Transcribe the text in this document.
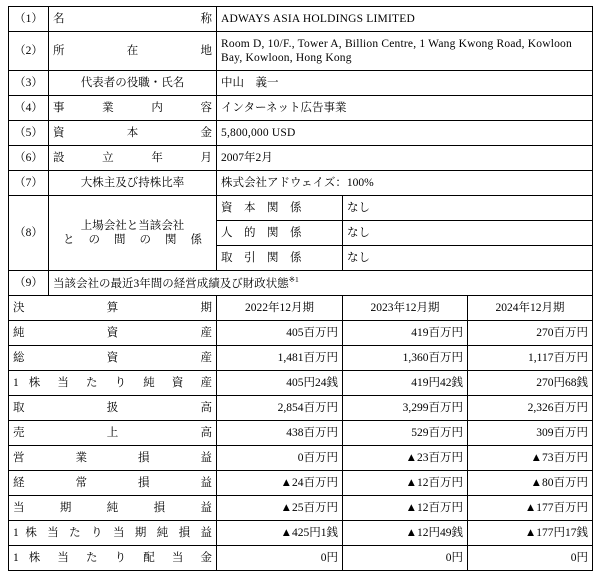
（1）	名　称	ADWAYS ASIA HOLDINGS LIMITED		
（2）	所　在　地	Room D, 10/F., Tower A, Billion Centre, 1 Wang Kwong Road, Kowloon Bay, Kowloon, Hong Kong		
（3）	代表者の役職・氏名	中山　義一		
（4）	事　業　内　容	インターネット広告事業		
（5）	資　本　金	5,800,000 USD		
（6）	設　立　年　月	2007年2月		
（7）	大株主及び持株比率	株式会社アドウェイズ：100%		
（8）	上場会社と当該会社
と の 間 の 関 係	資　本　関　係	なし	
		人　的　関　係	なし	
		取　引　関　係	なし	
（9）	当該会社の最近3年間の経営成績及び財政状態$^{※1}$
決　算　期		2022年12月期	2023年12月期	2024年12月期
純　資　産		405百万円	419百万円	270百万円
総　資　産		1,481百万円	1,360百万円	1,117百万円
1 株 当 た り 純 資 産		405円24銭	419円42銭	270円68銭
取　扱　高		2,854百万円	3,299百万円	2,326百万円
売　上　高		438百万円	529百万円	309百万円
営　業　損　益		0百万円	▲23百万円	▲73百万円
経　常　損　益		▲24百万円	▲12百万円	▲80百万円
当　期　純　損　益		▲25百万円	▲12百万円	▲177百万円
1 株 当 た り 当 期 純 損 益		▲425円1銭	▲12円49銭	▲177円17銭
1 株 当 た り 配 当 金		0円	0円	0円
